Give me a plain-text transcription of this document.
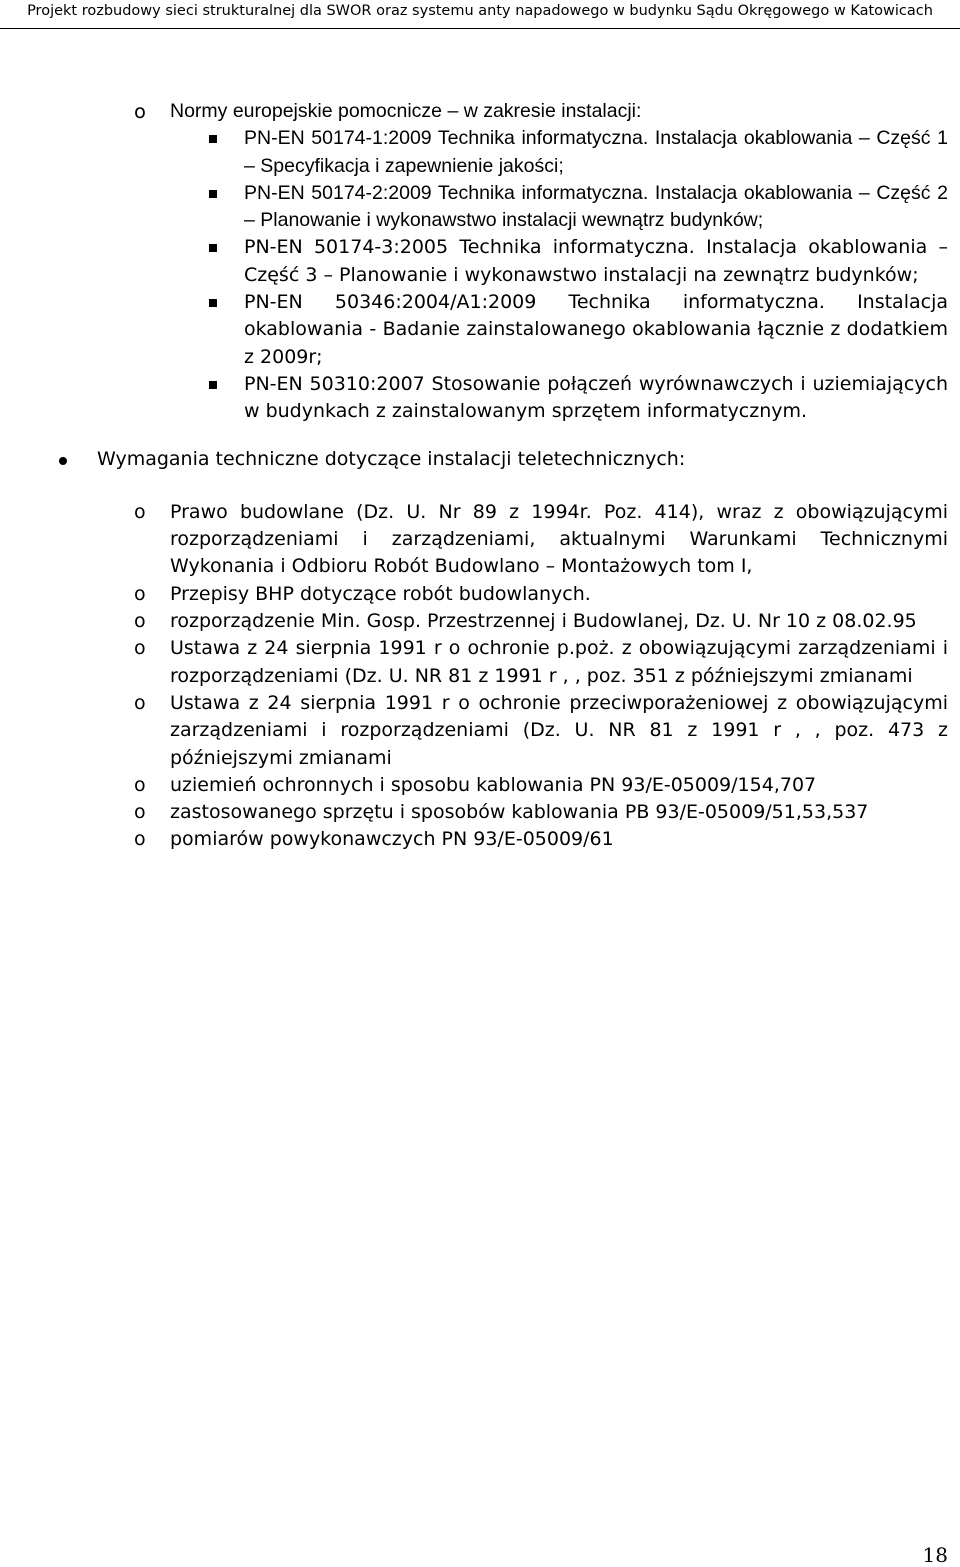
Projekt rozbudowy sieci strukturalnej dla SWOR oraz systemu anty napadowego w budynku Sądu Okręgowego w Katowicach
o	Normy europejskie pomocnicze – w zakresie instalacji:
PN-EN 50174-1:2009 Technika informatyczna. Instalacja okablowania – Część 1 – Specyfikacja i zapewnienie jakości;
PN-EN 50174-2:2009 Technika informatyczna. Instalacja okablowania – Część 2 – Planowanie i wykonawstwo instalacji wewnątrz budynków;
PN-EN 50174-3:2005 Technika informatyczna. Instalacja okablowania – Część 3 – Planowanie i wykonawstwo instalacji na zewnątrz budynków;
PN-EN 50346:2004/A1:2009 Technika informatyczna. Instalacja okablowania - Badanie zainstalowanego okablowania łącznie z dodatkiem z 2009r;
PN-EN 50310:2007 Stosowanie połączeń wyrównawczych i uziemiających w budynkach z zainstalowanym sprzętem informatycznym.
Wymagania techniczne dotyczące instalacji teletechnicznych:
o	Prawo budowlane (Dz. U. Nr 89 z 1994r. Poz. 414), wraz z obowiązującymi rozporządzeniami i zarządzeniami, aktualnymi Warunkami Technicznymi Wykonania i Odbioru Robót Budowlano – Montażowych tom I,
o	Przepisy BHP dotyczące robót budowlanych.
o	rozporządzenie Min. Gosp. Przestrzennej i Budowlanej, Dz. U. Nr 10 z 08.02.95
o	Ustawa z 24 sierpnia 1991 r o ochronie p.poż. z obowiązującymi zarządzeniami i rozporządzeniami (Dz. U. NR 81 z 1991 r , , poz. 351 z późniejszymi zmianami
o	Ustawa z 24 sierpnia 1991 r o ochronie przeciwporażeniowej z obowiązującymi zarządzeniami i rozporządzeniami (Dz. U. NR 81 z 1991 r , , poz. 473 z późniejszymi zmianami
o	uziemień ochronnych i sposobu kablowania PN 93/E-05009/154,707
o	zastosowanego sprzętu i sposobów kablowania PB 93/E-05009/51,53,537
o	pomiarów powykonawczych PN 93/E-05009/61
18
